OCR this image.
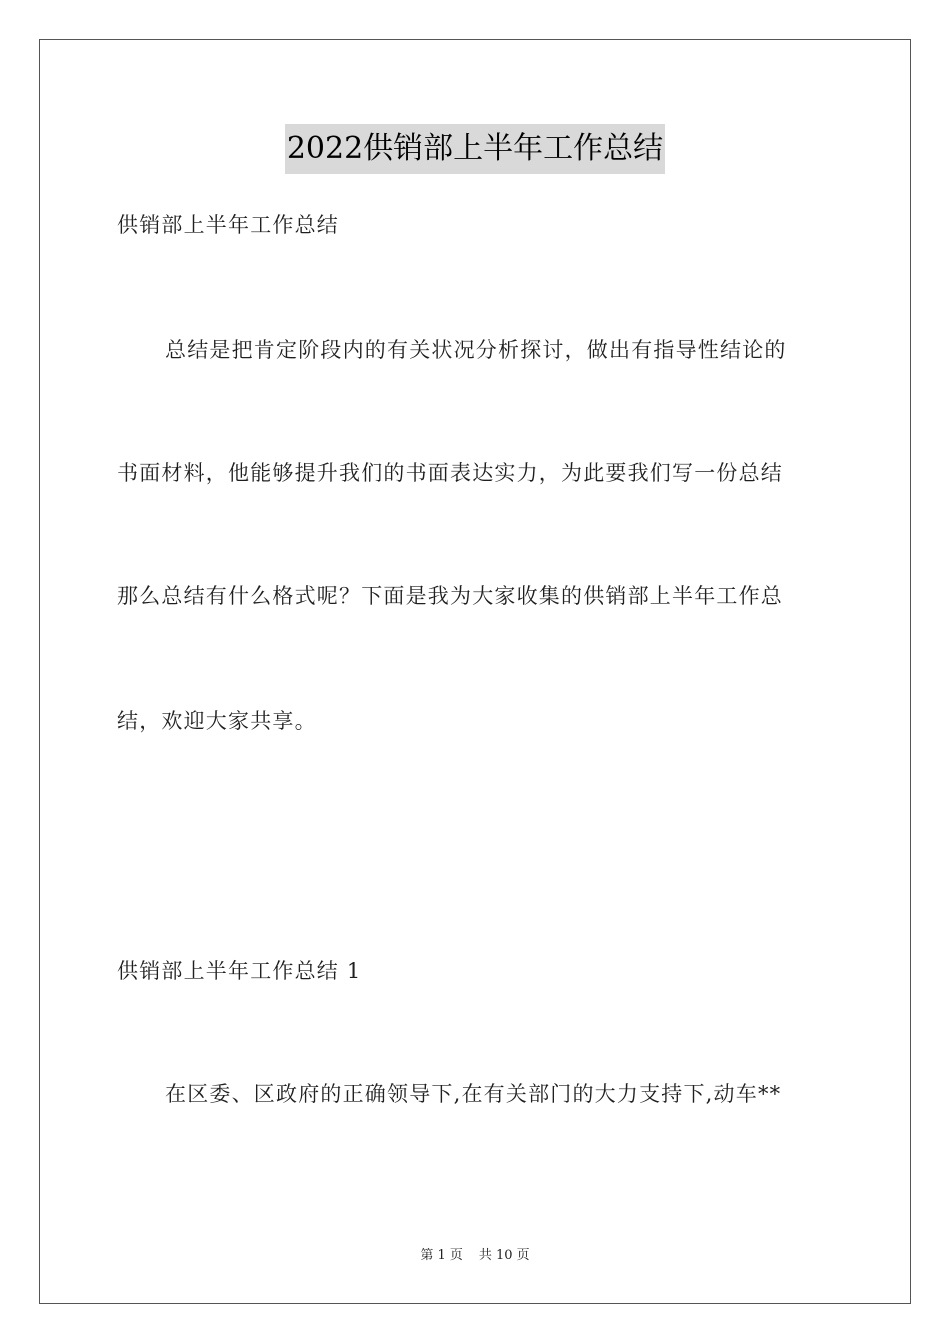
2022供销部上半年工作总结
供销部上半年工作总结
总结是把肯定阶段内的有关状况分析探讨，做出有指导性结论的
书面材料，他能够提升我们的书面表达实力，为此要我们写一份总结
那么总结有什么格式呢？下面是我为大家收集的供销部上半年工作总
结，欢迎大家共享。
供销部上半年工作总结 1
在区委、区政府的正确领导下,在有关部门的大力支持下,动车**
第 1 页 共 10 页
